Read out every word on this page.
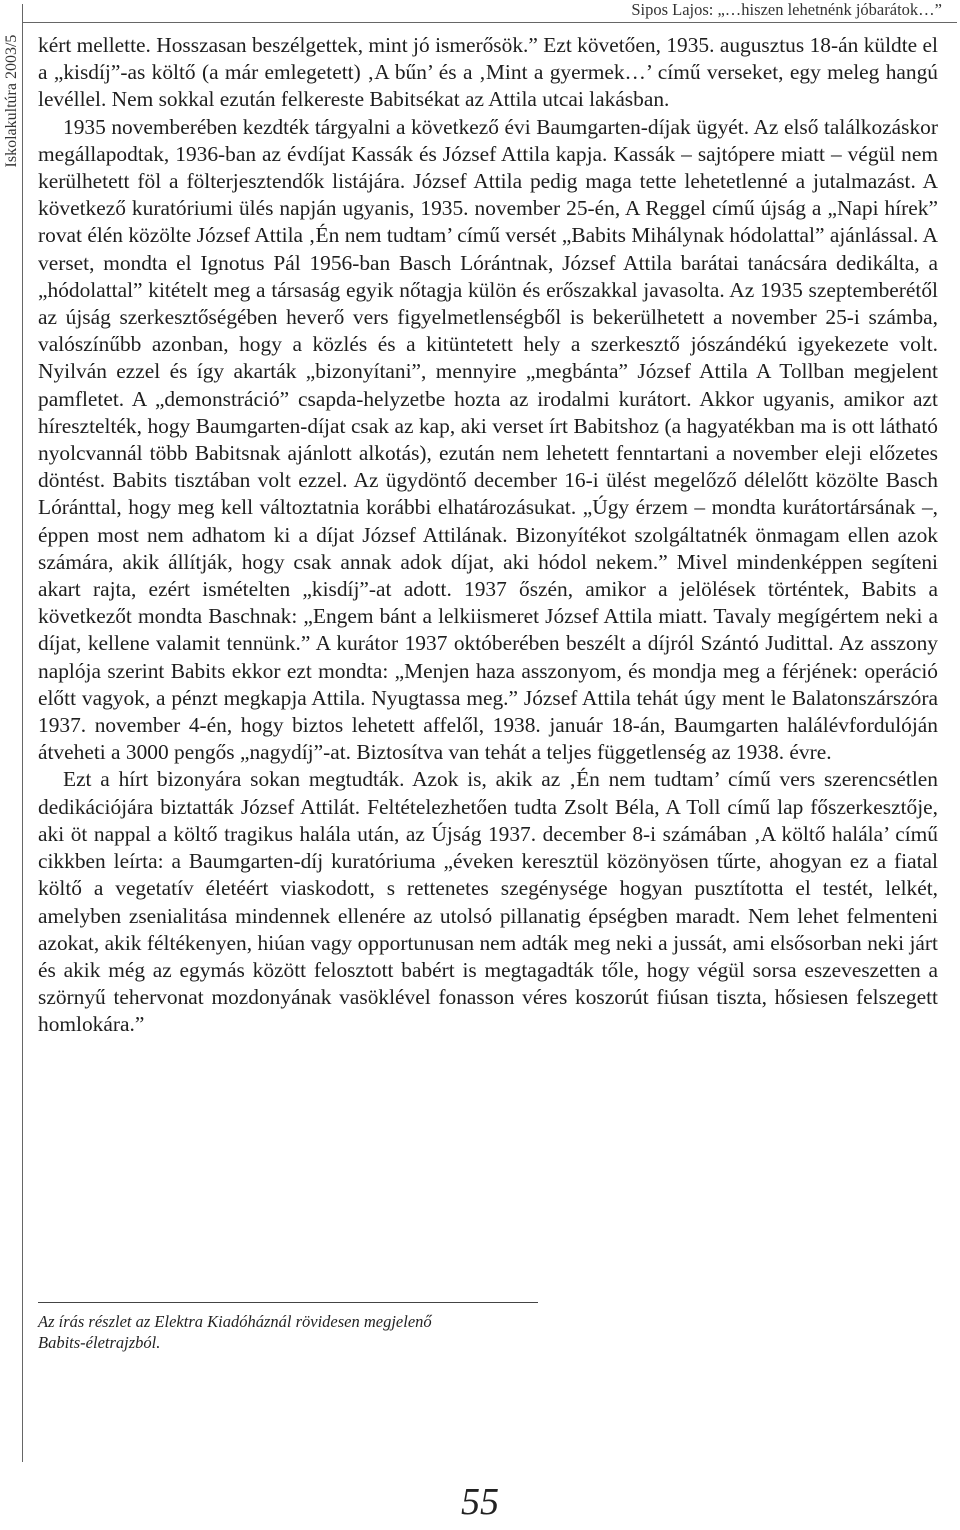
Iskolakultúra 2003/5
Sipos Lajos: „…hiszen lehetnénk jóbarátok…”

kért mellette. Hosszasan beszélgettek, mint jó ismerősök.” Ezt követően, 1935. augusztus 18-án küldte el a „kisdíj”-as költő (a már emlegetett) ‚A bűn’ és a ‚Mint a gyermek…’ című verseket, egy meleg hangú levéllel. Nem sokkal ezután felkereste Babitsékat az Attila utcai lakásban.

1935 novemberében kezdték tárgyalni a következő évi Baumgarten-díjak ügyét. Az első találkozáskor megállapodtak, 1936-ban az évdíjat Kassák és József Attila kapja. Kassák – sajtópere miatt – végül nem kerülhetett föl a fölterjesztendők listájára. József Attila pedig maga tette lehetetlenné a jutalmazást. A következő kuratóriumi ülés napján ugyanis, 1935. november 25-én, A Reggel című újság a „Napi hírek” rovat élén közölte József Attila ‚Én nem tudtam’ című versét „Babits Mihálynak hódolattal” ajánlással. A verset, mondta el Ignotus Pál 1956-ban Basch Lórántnak, József Attila barátai tanácsára dedikálta, a „hódolattal” kitételt meg a társaság egyik nőtagja külön és erőszakkal javasolta. Az 1935 szeptemberétől az újság szerkesztőségében heverő vers figyelmetlenségből is bekerülhetett a november 25-i számba, valószínűbb azonban, hogy a közlés és a kitüntetett hely a szerkesztő jószándékú igyekezete volt. Nyilván ezzel és így akarták „bizonyítani”, mennyire „megbánta” József Attila A Tollban megjelent pamfletet. A „demonstráció” csapda-helyzetbe hozta az irodalmi kurátort. Akkor ugyanis, amikor azt híresztelték, hogy Baumgarten-díjat csak az kap, aki verset írt Babitshoz (a hagyatékban ma is ott látható nyolcvannál több Babitsnak ajánlott alkotás), ezután nem lehetett fenntartani a november eleji előzetes döntést. Babits tisztában volt ezzel. Az ügydöntő december 16-i ülést megelőző délelőtt közölte Basch Lóránttal, hogy meg kell változtatnia korábbi elhatározásukat. „Úgy érzem – mondta kurátortársának –, éppen most nem adhatom ki a díjat József Attilának. Bizonyítékot szolgáltatnék önmagam ellen azok számára, akik állítják, hogy csak annak adok díjat, aki hódol nekem.” Mivel mindenképpen segíteni akart rajta, ezért ismételten „kisdíj”-at adott. 1937 őszén, amikor a jelölések történtek, Babits a következőt mondta Baschnak: „Engem bánt a lelkiismeret József Attila miatt. Tavaly megígértem neki a díjat, kellene valamit tennünk.” A kurátor 1937 októberében beszélt a díjról Szántó Judittal. Az asszony naplója szerint Babits ekkor ezt mondta: „Menjen haza asszonyom, és mondja meg a férjének: operáció előtt vagyok, a pénzt megkapja Attila. Nyugtassa meg.” József Attila tehát úgy ment le Balatonszárszóra 1937. november 4-én, hogy biztos lehetett affelől, 1938. január 18-án, Baumgarten halálévfordulóján átveheti a 3000 pengős „nagydíj”-at. Biztosítva van tehát a teljes függetlenség az 1938. évre.

Ezt a hírt bizonyára sokan megtudták. Azok is, akik az ‚Én nem tudtam’ című vers szerencsétlen dedikációjára biztatták József Attilát. Feltételezhetően tudta Zsolt Béla, A Toll című lap főszerkesztője, aki öt nappal a költő tragikus halála után, az Újság 1937. december 8-i számában ‚A költő halála’ című cikkben leírta: a Baumgarten-díj kuratóriuma „éveken keresztül közönyösen tűrte, ahogyan ez a fiatal költő a vegetatív életéért viaskodott, s rettenetes szegénysége hogyan pusztította el testét, lelkét, amelyben zsenialitása mindennek ellenére az utolsó pillanatig épségben maradt. Nem lehet felmenteni azokat, akik féltékenyen, hiúan vagy opportunusan nem adták meg neki a jussát, ami elsősorban neki járt és akik még az egymás között felosztott babért is megtagadták tőle, hogy végül sorsa eszeveszetten a szörnyű tehervonat mozdonyának vasöklével fonasson véres koszorút fiúsan tiszta, hősiesen felszegett homlokára.”

Az írás részlet az Elektra Kiadóháznál rövidesen megjelenő
Babits-életrajzból.
55
